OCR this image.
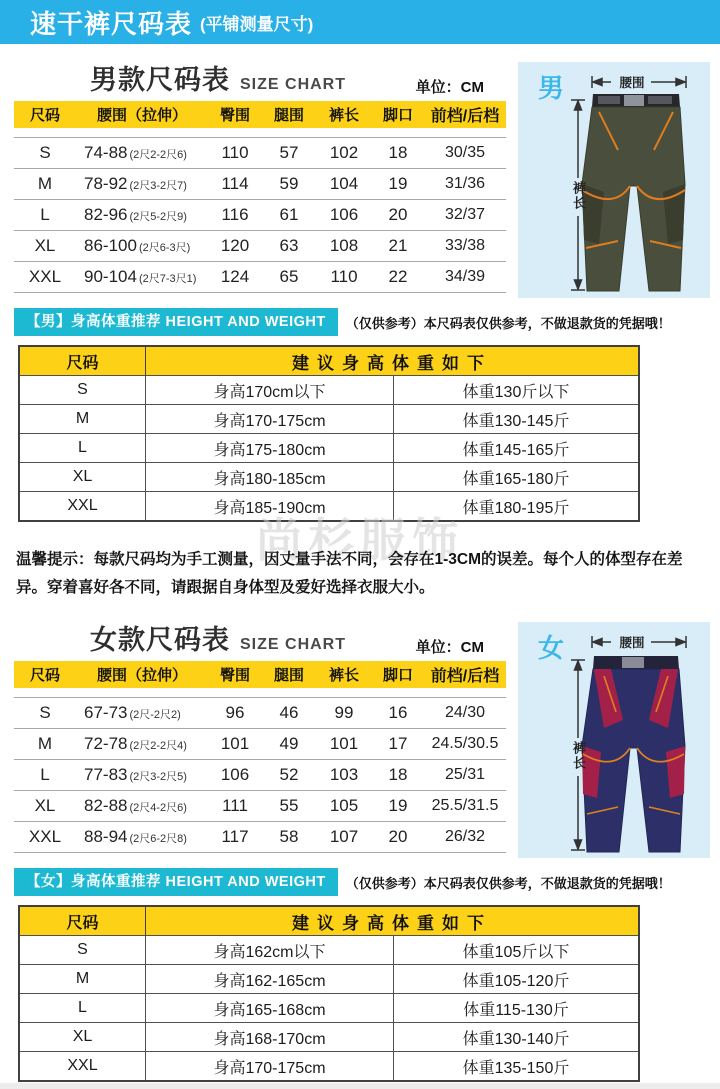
速干裤尺码表 (平铺测量尺寸)
男款尺码表 SIZE CHART	单位：CM
尺码	腰围（拉伸）	臀围	腿围	裤长	脚口	前档/后档
S	74-88 (2尺2-2尺6)	110	57	102	18	30/35
M	78-92 (2尺3-2尺7)	114	59	104	19	31/36
L	82-96 (2尺5-2尺9)	116	61	106	20	32/37
XL	86-100 (2尺6-3尺)	120	63	108	21	33/38
XXL	90-104 (2尺7-3尺1)	124	65	110	22	34/39
男	腰围
裤长
【男】身高体重推荐 HEIGHT AND WEIGHT	（仅供参考）本尺码表仅供参考，不做退款货的凭据哦！
尺码	建议身高体重如下
S	身高170cm以下	体重130斤以下
M	身高170-175cm	体重130-145斤
L	身高175-180cm	体重145-165斤
XL	身高180-185cm	体重165-180斤
XXL	身高185-190cm	体重180-195斤
尚杉服饰
温馨提示：每款尺码均为手工测量，因丈量手法不同，会存在1-3CM的误差。每个人的体型存在差异。穿着喜好各不同，请跟据自身体型及爱好选择衣服大小。
女款尺码表 SIZE CHART	单位：CM
尺码	腰围（拉伸）	臀围	腿围	裤长	脚口	前档/后档
S	67-73 (2尺-2尺2)	96	46	99	16	24/30
M	72-78 (2尺2-2尺4)	101	49	101	17	24.5/30.5
L	77-83 (2尺3-2尺5)	106	52	103	18	25/31
XL	82-88 (2尺4-2尺6)	111	55	105	19	25.5/31.5
XXL	88-94 (2尺6-2尺8)	117	58	107	20	26/32
女	腰围
裤长
【女】身高体重推荐 HEIGHT AND WEIGHT	（仅供参考）本尺码表仅供参考，不做退款货的凭据哦！
尺码	建议身高体重如下
S	身高162cm以下	体重105斤以下
M	身高162-165cm	体重105-120斤
L	身高165-168cm	体重115-130斤
XL	身高168-170cm	体重130-140斤
XXL	身高170-175cm	体重135-150斤
